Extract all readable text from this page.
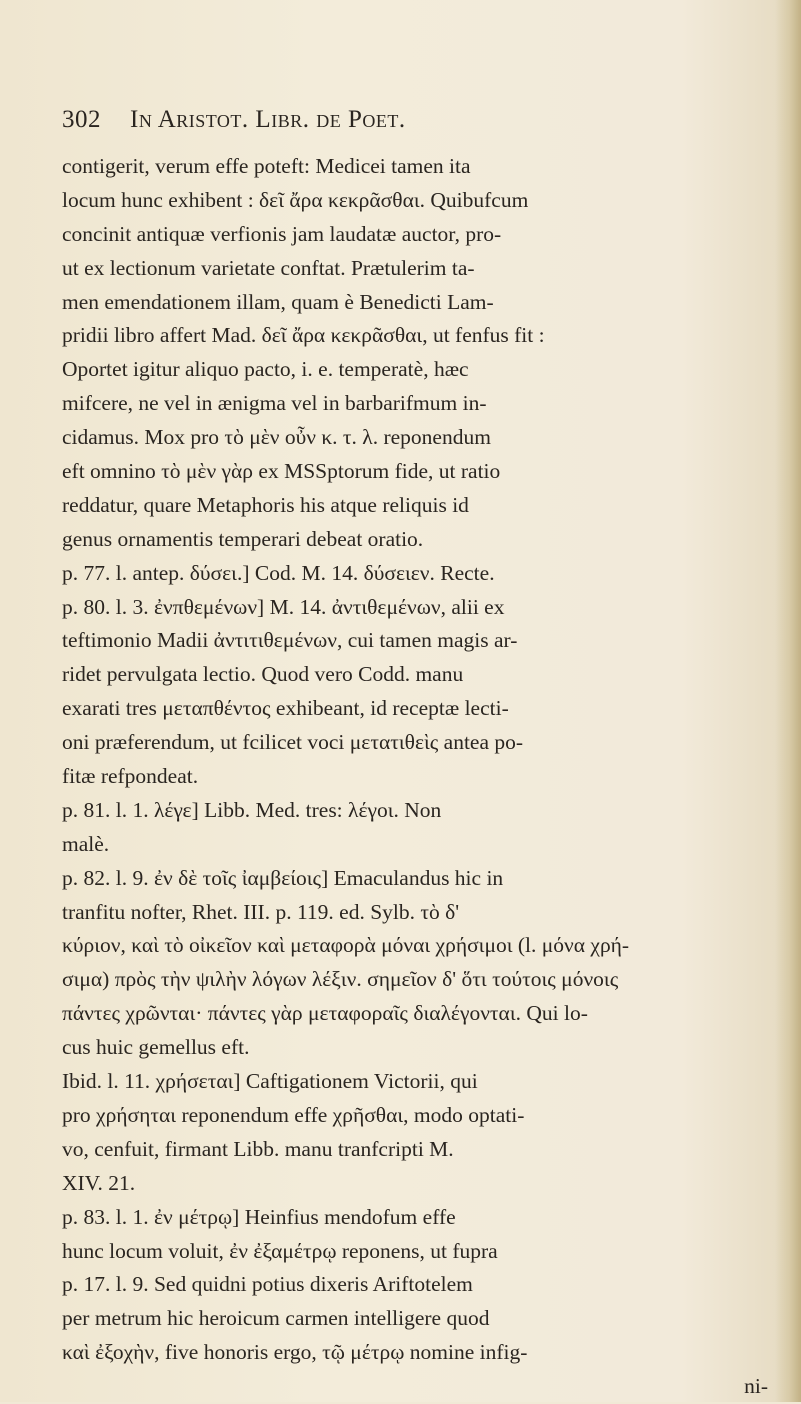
302 In Aristot. Libr. de Poet.
contigerit, verum effe poteft: Medicei tamen ita
locum hunc exhibent : δεῖ ἄρα κεκρᾶσθαι. Quibufcum
concinit antiquæ verfionis jam laudatæ auctor, pro-
ut ex lectionum varietate conftat. Prætulerim ta-
men emendationem illam, quam è Benedicti Lam-
pridii libro affert Mad. δεῖ ἄρα κεκρᾶσθαι, ut fenfus fit :
Oportet igitur aliquo pacto, i. e. temperatè, hæc
mifcere, ne vel in ænigma vel in barbarifmum in-
cidamus. Mox pro τὸ μὲν οὖν κ. τ. λ. reponendum
eft omnino τὸ μὲν γὰρ ex MSSptorum fide, ut ratio
reddatur, quare Metaphoris his atque reliquis id
genus ornamentis temperari debeat oratio.
p. 77. l. antep. δύσει.] Cod. M. 14. δύσειεν. Recte.
p. 80. l. 3. ἐνπθεμένων] M. 14. ἀντιθεμένων, alii ex
teftimonio Madii ἀντιτιθεμένων, cui tamen magis ar-
ridet pervulgata lectio. Quod vero Codd. manu
exarati tres μεταπθέντος exhibeant, id receptæ lecti-
oni præferendum, ut fcilicet voci μετατιθεὶς antea po-
fitæ refpondeat.
p. 81. l. 1. λέγε] Libb. Med. tres: λέγοι. Non
malè.
p. 82. l. 9. ἐν δὲ τοῖς ἰαμβείοις] Emaculandus hic in
tranfitu nofter, Rhet. III. p. 119. ed. Sylb. τὸ δ'
κύριον, καὶ τὸ οἰκεῖον καὶ μεταφορὰ μόναι χρήσιμοι (l. μόνα χρή-
σιμα) πρὸς τὴν ψιλὴν λόγων λέξιν. σημεῖον δ' ὅτι τούτοις μόνοις
πάντες χρῶνται· πάντες γὰρ μεταφοραῖς διαλέγονται. Qui lo-
cus huic gemellus eft.
Ibid. l. 11. χρήσεται] Caftigationem Victorii, qui
pro χρήσηται reponendum effe χρῆσθαι, modo optati-
vo, cenfuit, firmant Libb. manu tranfcripti M.
XIV. 21.
p. 83. l. 1. ἐν μέτρῳ] Heinfius mendofum effe
hunc locum voluit, ἐν ἐξαμέτρῳ reponens, ut fupra
p. 17. l. 9. Sed quidni potius dixeris Ariftotelem
per metrum hic heroicum carmen intelligere quod
καὶ ἐξοχὴν, five honoris ergo, τῷ μέτρῳ nomine infig-
ni-
